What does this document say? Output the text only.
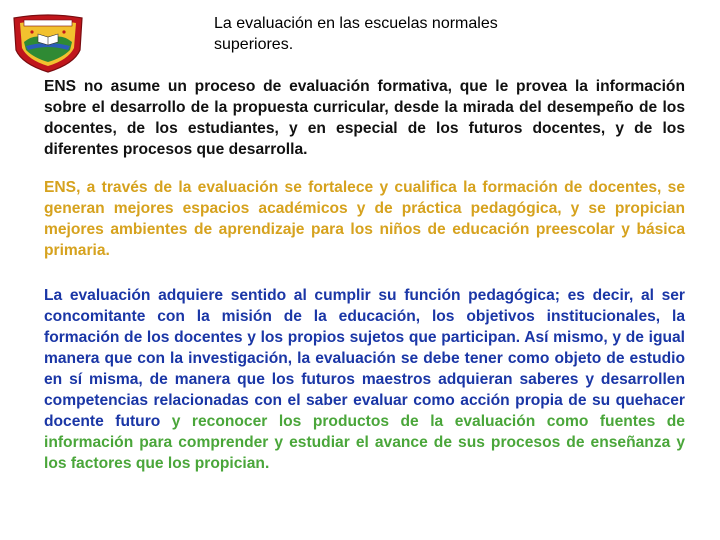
La evaluación en las escuelas normales
superiores.

ENS no asume un proceso de evaluación formativa, que le provea la información sobre el desarrollo de la propuesta curricular, desde la mirada del desempeño de los docentes, de los estudiantes, y en especial de los futuros docentes, y de los diferentes procesos que desarrolla.

ENS, a través de la evaluación se fortalece y cualifica la formación de docentes, se generan mejores espacios académicos y de práctica pedagógica, y se propician mejores ambientes de aprendizaje para los niños de educación preescolar y básica primaria.

La evaluación adquiere sentido al cumplir su función pedagógica; es decir, al ser concomitante con la misión de la educación, los objetivos institucionales, la formación de los docentes y los propios sujetos que participan. Así mismo, y de igual manera que con la investigación, la evaluación se debe tener como objeto de estudio en sí misma, de manera que los futuros maestros adquieran saberes y desarrollen competencias relacionadas con el saber evaluar como acción propia de su quehacer docente futuro y reconocer los productos de la evaluación como fuentes de información para comprender y estudiar el avance de sus procesos de enseñanza y los factores que los propician.
